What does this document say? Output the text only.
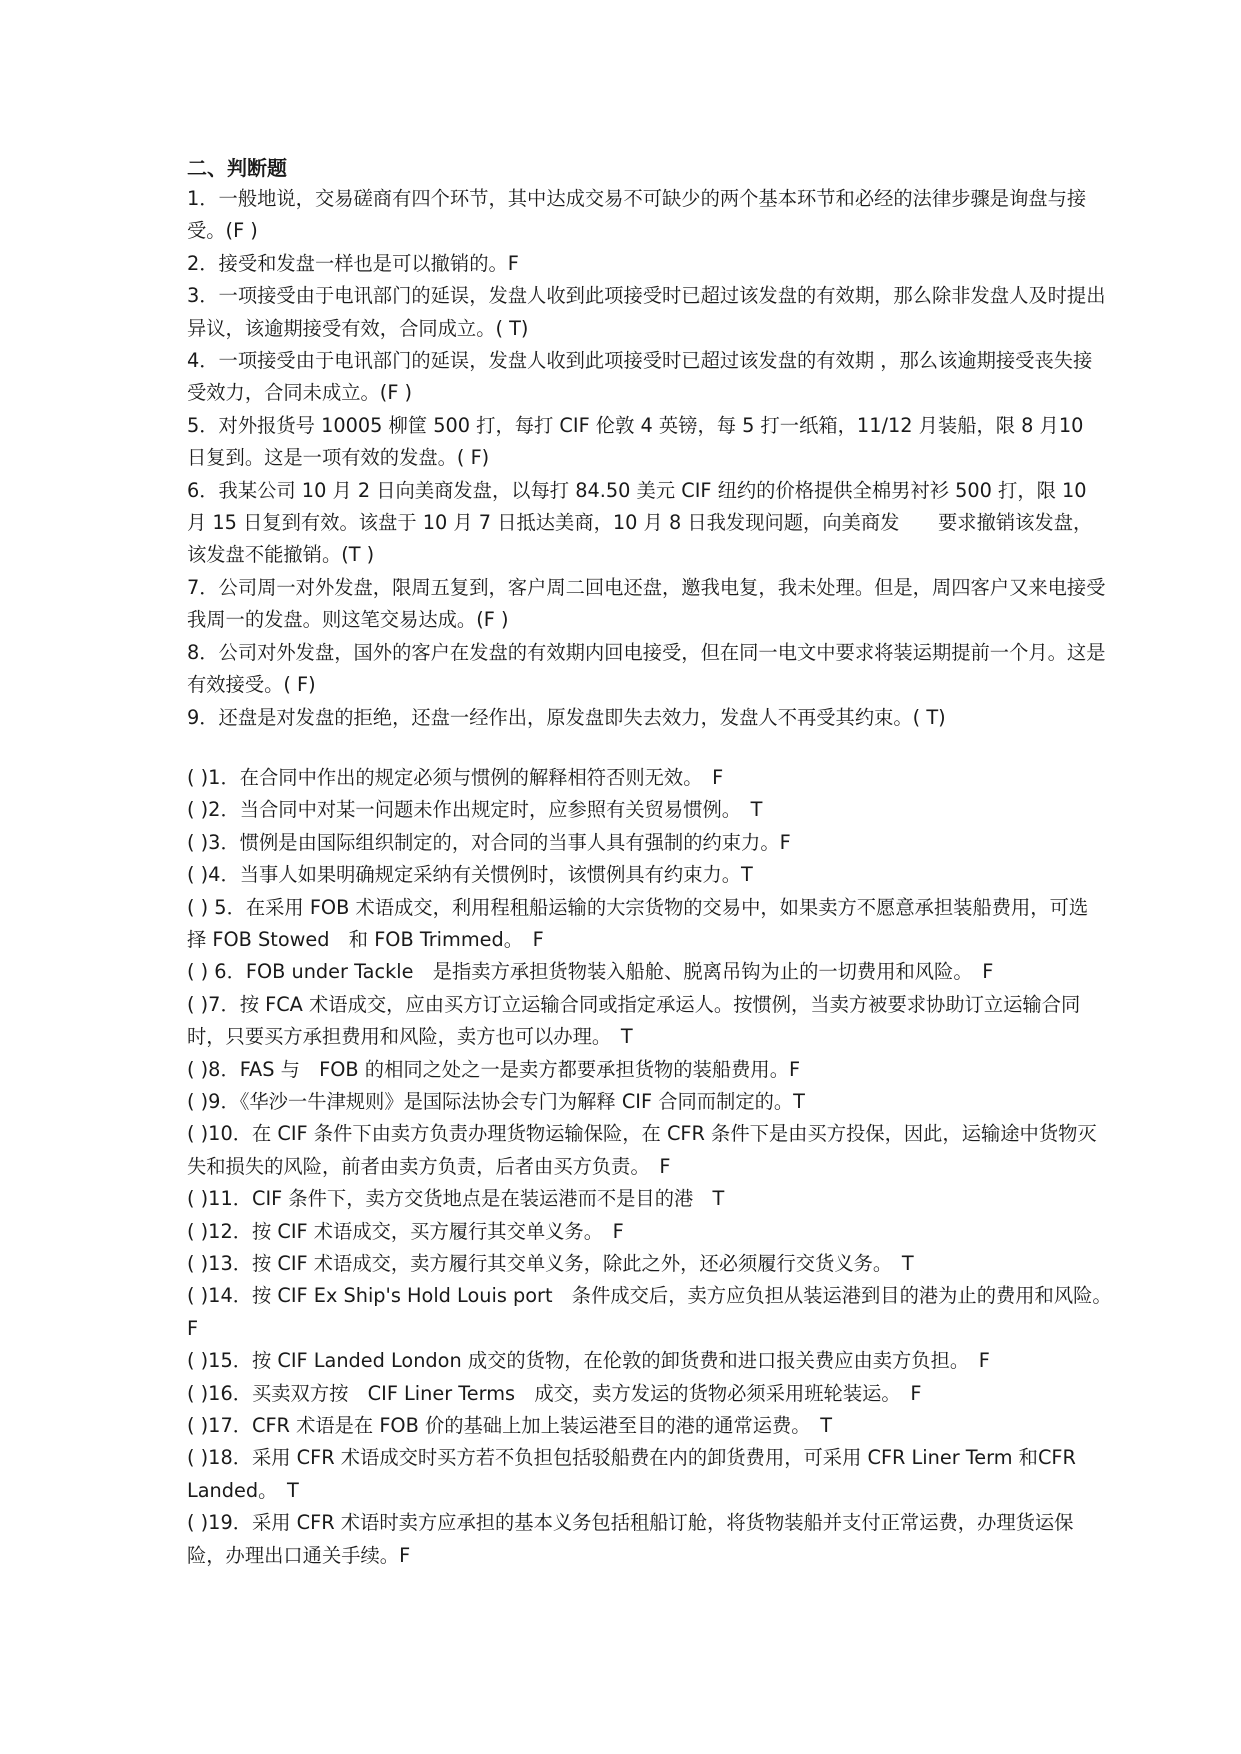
二、判断题

1．一般地说，交易磋商有四个环节，其中达成交易不可缺少的两个基本环节和必经的法律步骤是询盘与接受。(F )

2．接受和发盘一样也是可以撤销的。F

3．一项接受由于电讯部门的延误，发盘人收到此项接受时已超过该发盘的有效期，那么除非发盘人及时提出异议，该逾期接受有效，合同成立。( T)

4．一项接受由于电讯部门的延误，发盘人收到此项接受时已超过该发盘的有效期 ，那么该逾期接受丧失接受效力，合同未成立。(F )

5．对外报货号 10005 柳筐 500 打，每打 CIF 伦敦 4 英镑，每 5 打一纸箱，11/12 月装船，限 8 月10 日复到。这是一项有效的发盘。( F)

6．我某公司 10 月 2 日向美商发盘，以每打 84.50 美元 CIF 纽约的价格提供全棉男衬衫 500 打，限 10 月 15 日复到有效。该盘于 10 月 7 日抵达美商，10 月 8 日我发现问题，向美商发　　要求撤销该发盘，该发盘不能撤销。(T )

7．公司周一对外发盘，限周五复到，客户周二回电还盘，邀我电复，我未处理。但是，周四客户又来电接受我周一的发盘。则这笔交易达成。(F )

8．公司对外发盘，国外的客户在发盘的有效期内回电接受，但在同一电文中要求将装运期提前一个月。这是有效接受。( F)

9．还盘是对发盘的拒绝，还盘一经作出，原发盘即失去效力，发盘人不再受其约束。( T)

( )1．在合同中作出的规定必须与惯例的解释相符否则无效。　F

( )2．当合同中对某一问题未作出规定时，应参照有关贸易惯例。　T

( )3．惯例是由国际组织制定的，对合同的当事人具有强制的约束力。F

( )4．当事人如果明确规定采纳有关惯例时，该惯例具有约束力。T

( ) 5．在采用 FOB 术语成交，利用程租船运输的大宗货物的交易中，如果卖方不愿意承担装船费用，可选择 FOB Stowed　和 FOB Trimmed。　F

( ) 6．FOB under Tackle　是指卖方承担货物装入船舱、脱离吊钩为止的一切费用和风险。　F

( )7．按 FCA 术语成交，应由买方订立运输合同或指定承运人。按惯例，当卖方被要求协助订立运输合同时，只要买方承担费用和风险，卖方也可以办理。　T

( )8．FAS 与　FOB 的相同之处之一是卖方都要承担货物的装船费用。F

( )9．《华沙一牛津规则》是国际法协会专门为解释 CIF 合同而制定的。T

( )10．在 CIF 条件下由卖方负责办理货物运输保险，在 CFR 条件下是由买方投保，因此，运输途中货物灭失和损失的风险，前者由卖方负责，后者由买方负责。　F

( )11．CIF 条件下，卖方交货地点是在装运港而不是目的港　T

( )12．按 CIF 术语成交，买方履行其交单义务。　F

( )13．按 CIF 术语成交，卖方履行其交单义务，除此之外，还必须履行交货义务。　T

( )14．按 CIF Ex Ship's Hold Louis port　条件成交后，卖方应负担从装运港到目的港为止的费用和风险。　F

( )15．按 CIF Landed London 成交的货物，在伦敦的卸货费和进口报关费应由卖方负担。　F

( )16．买卖双方按　CIF Liner Terms　成交，卖方发运的货物必须采用班轮装运。　F

( )17．CFR 术语是在 FOB 价的基础上加上装运港至目的港的通常运费。　T

( )18．采用 CFR 术语成交时买方若不负担包括驳船费在内的卸货费用，可采用 CFR Liner Term 和CFR Landed。　T

( )19．采用 CFR 术语时卖方应承担的基本义务包括租船订舱，将货物装船并支付正常运费，办理货运保险，办理出口通关手续。F
